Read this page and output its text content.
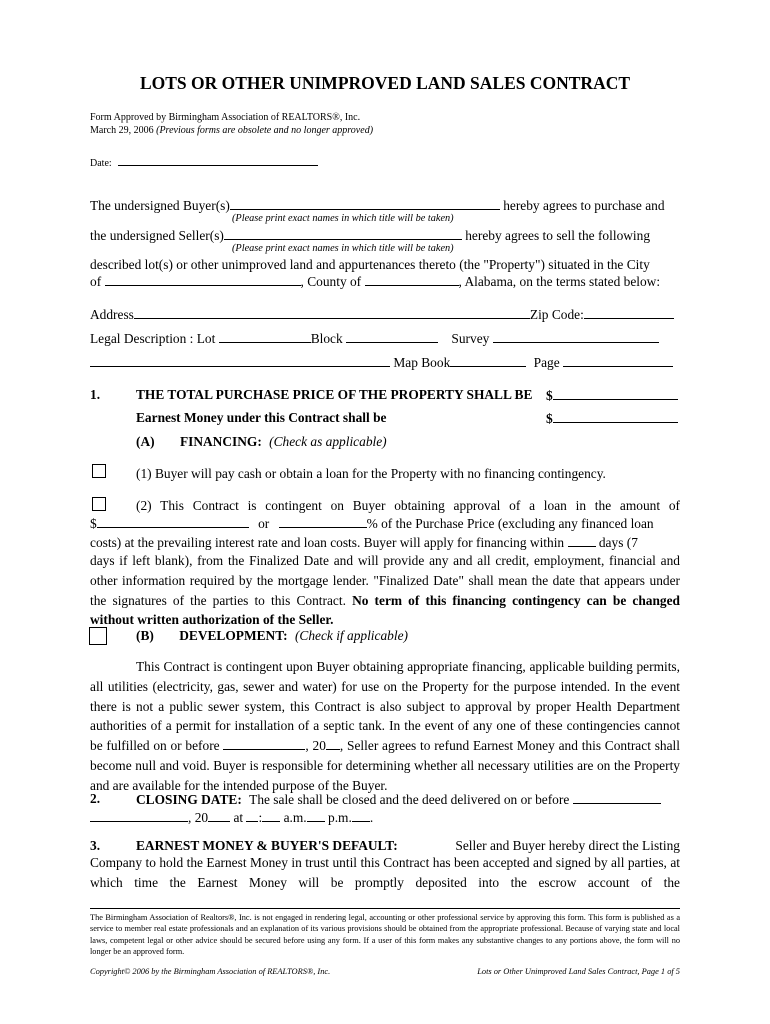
LOTS OR OTHER UNIMPROVED LAND SALES CONTRACT
Form Approved by Birmingham Association of REALTORS®, Inc.
March 29, 2006 (Previous forms are obsolete and no longer approved)
Date:
The undersigned Buyer(s)	hereby agrees to purchase and
(Please print exact names in which title will be taken)
the undersigned Seller(s)	hereby agrees to sell the following
(Please print exact names in which title will be taken)
described lot(s) or other unimproved land and appurtenances thereto (the "Property") situated in the City
of	, County of	, Alabama, on the terms stated below:
Address	Zip Code:
Legal Description : Lot	Block	Survey
Map Book	Page
1.	THE TOTAL PURCHASE PRICE OF THE PROPERTY SHALL BE $
Earnest Money under this Contract shall be	$
(A) FINANCING: (Check as applicable)
(1) Buyer will pay cash or obtain a loan for the Property with no financing contingency.
(2) This Contract is contingent on Buyer obtaining approval of a loan in the amount of
$	or	% of the Purchase Price (excluding any financed loan
costs) at the prevailing interest rate and loan costs. Buyer will apply for financing within	days (7
days if left blank), from the Finalized Date and will provide any and all credit, employment, financial and other information required by the mortgage lender. "Finalized Date" shall mean the date that appears under the signatures of the parties to this Contract. No term of this financing contingency can be changed without written authorization of the Seller.
(B) DEVELOPMENT: (Check if applicable)
This Contract is contingent upon Buyer obtaining appropriate financing, applicable building permits, all utilities (electricity, gas, sewer and water) for use on the Property for the purpose intended. In the event there is not a public sewer system, this Contract is also subject to approval by proper Health Department authorities of a permit for installation of a septic tank. In the event of any one of these contingencies cannot be fulfilled on or before	, 20 , Seller agrees to refund Earnest Money and this Contract shall become null and void. Buyer is responsible for determining whether all necessary utilities are on the Property and are available for the intended purpose of the Buyer.
2.	CLOSING DATE: The sale shall be closed and the deed delivered on or before
, 20 at : a.m. p.m. .
3.	EARNEST MONEY & BUYER'S DEFAULT:	Seller and Buyer hereby direct the Listing
Company to hold the Earnest Money in trust until this Contract has been accepted and signed by all parties, at which time the Earnest Money will be promptly deposited into the escrow account of the
The Birmingham Association of Realtors®, Inc. is not engaged in rendering legal, accounting or other professional service by approving this form. This form is published as a service to member real estate professionals and an explanation of its various provisions should be obtained from the appropriate professional. Because of varying state and local laws, competent legal or other advice should be secured before using any form. If a user of this form makes any substantive changes to any portions above, the form will no longer be an approved form.
Copyright© 2006 by the Birmingham Association of REALTORS®, Inc.	Lots or Other Unimproved Land Sales Contract, Page 1 of 5
